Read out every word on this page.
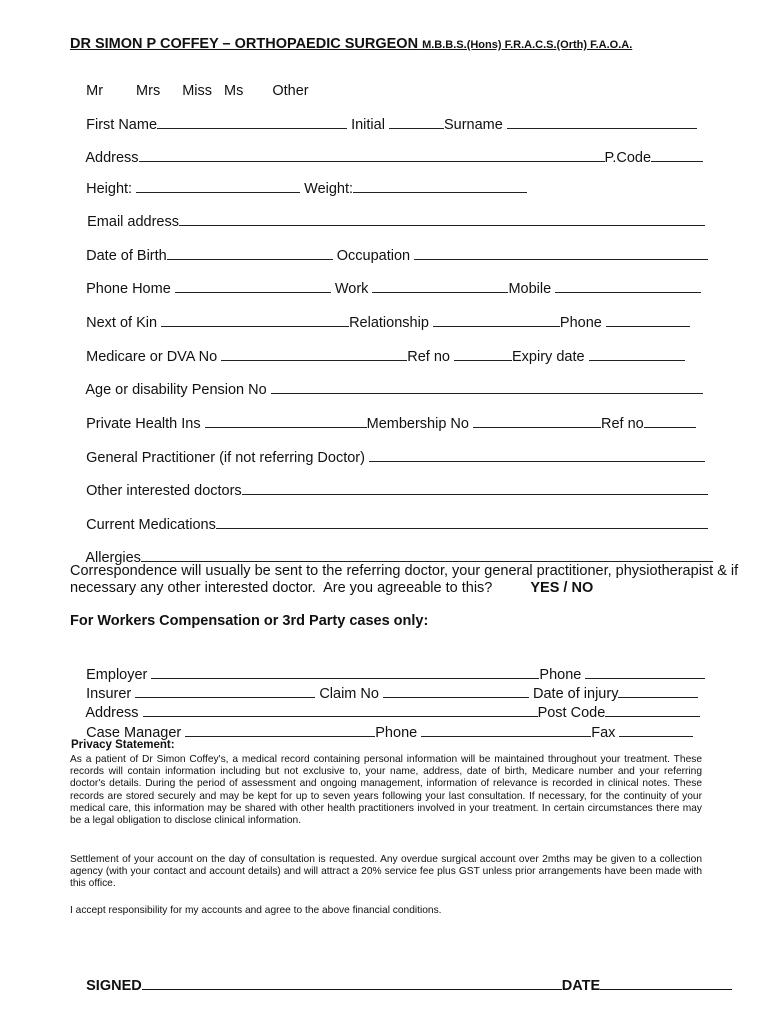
DR SIMON P COFFEY – ORTHOPAEDIC SURGEON M.B.B.S.(Hons) F.R.A.C.S.(Orth) F.A.O.A.

Mr Mrs Miss Ms Other

First Name	Initial	Surname

Address	P.Code

Height:	Weight:

Email address

Date of Birth	Occupation

Phone Home	Work	Mobile

Next of Kin	Relationship	Phone

Medicare or DVA No	Ref no	Expiry date

Age or disability Pension No

Private Health Ins	Membership No	Ref no

General Practitioner (if not referring Doctor)

Other interested doctors

Current Medications

Allergies

Correspondence will usually be sent to the referring doctor, your general practitioner, physiotherapist & if
necessary any other interested doctor.  Are you agreeable to this?	YES / NO
For Workers Compensation or 3rd Party cases only:

Employer	Phone

Insurer	Claim No	Date of injury

Address	Post Code

Case Manager	Phone	Fax

Privacy Statement:
As a patient of Dr Simon Coffey's, a medical record containing personal information will be maintained throughout your treatment. These records will contain information including but not exclusive to, your name, address, date of birth, Medicare number and your referring doctor's details. During the period of assessment and ongoing management, information of relevance is recorded in clinical notes. These records are stored securely and may be kept for up to seven years following your last consultation. If necessary, for the continuity of your medical care, this information may be shared with other health practitioners involved in your treatment. In certain circumstances there may be a legal obligation to disclose clinical information.
Settlement of your account on the day of consultation is requested. Any overdue surgical account over 2mths may be given to a collection agency (with your contact and account details) and will attract a 20% service fee plus GST unless prior arrangements have been made with this office.
I accept responsibility for my accounts and agree to the above financial conditions.

SIGNED	DATE
